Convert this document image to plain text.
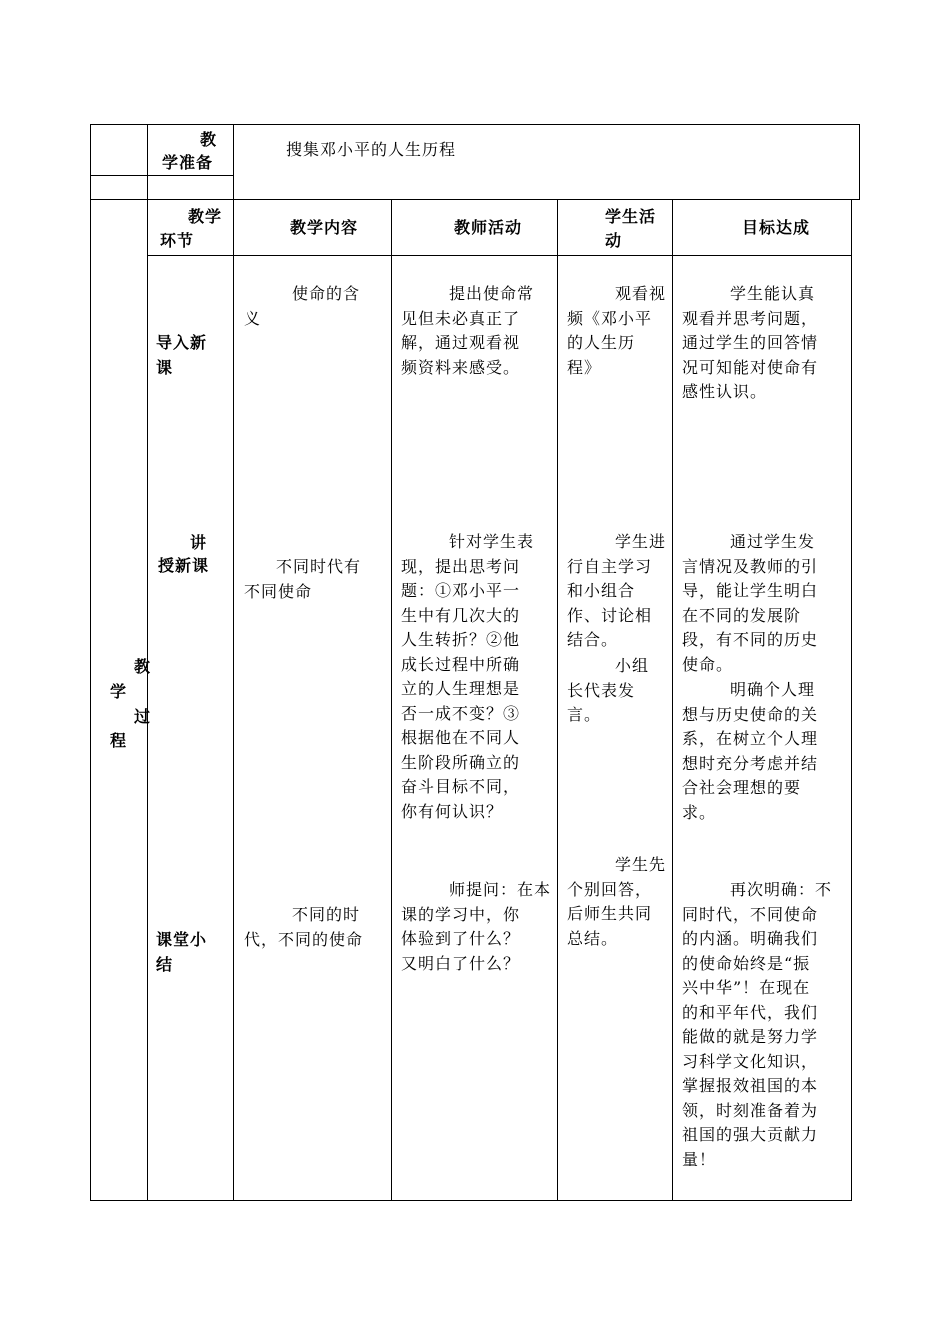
教
学准备
搜集邓小平的人生历程
教
学
过
程
教学
环节
教学内容	教师活动
学生活
动
目标达成
导入新
课
使命的含
义
提出使命常
见但未必真正了
解，通过观看视
频资料来感受。
观看视
频《邓小平
的人生历
程》
学生能认真
观看并思考问题，
通过学生的回答情
况可知能对使命有
感性认识。
讲
授新课	不同时代有
不同使命
针对学生表
现，提出思考问
题：①邓小平一
生中有几次大的
人生转折？②他
成长过程中所确
立的人生理想是
否一成不变？③
根据他在不同人
生阶段所确立的
奋斗目标不同，
你有何认识？
学生进
行自主学习
和小组合
作、讨论相
结合。
小组
长代表发
言。
通过学生发
言情况及教师的引
导，能让学生明白
在不同的发展阶
段，有不同的历史
使命。
明确个人理
想与历史使命的关
系，在树立个人理
想时充分考虑并结
合社会理想的要
求。
课堂小
结
不同的时
代，不同的使命
师提问：在本
课的学习中，你
体验到了什么？
又明白了什么？
学生先
个别回答，
后师生共同
总结。
再次明确：不
同时代，不同使命
的内涵。明确我们
的使命始终是“振
兴中华”！在现在
的和平年代，我们
能做的就是努力学
习科学文化知识，
掌握报效祖国的本
领，时刻准备着为
祖国的强大贡献力
量！
